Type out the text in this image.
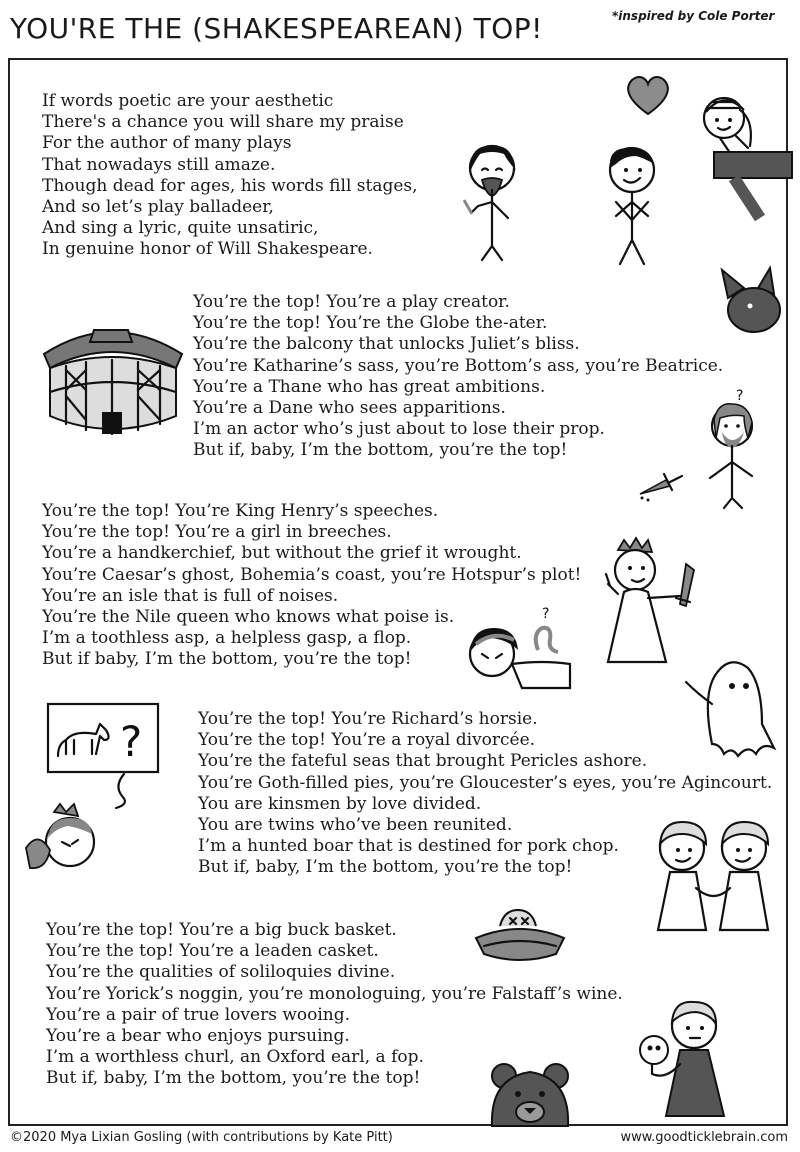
YOU'RE THE (SHAKESPEAREAN) TOP!	*inspired by Cole Porter
If words poetic are your aesthetic
There's a chance you will share my praise
For the author of many plays
That nowadays still amaze.
Though dead for ages, his words fill stages,
And so let’s play balladeer,
And sing a lyric, quite unsatiric,
In genuine honor of Will Shakespeare.
You’re the top! You’re a play creator.
You’re the top! You’re the Globe the-ater.
You’re the balcony that unlocks Juliet’s bliss.
You’re Katharine’s sass, you’re Bottom’s ass, you’re Beatrice.
You’re a Thane who has great ambitions.
You’re a Dane who sees apparitions.
I’m an actor who’s just about to lose their prop.
But if, baby, I’m the bottom, you’re the top!
You’re the top! You’re King Henry’s speeches.
You’re the top! You’re a girl in breeches.
You’re a handkerchief, but without the grief it wrought.
You’re Caesar’s ghost, Bohemia’s coast, you’re Hotspur’s plot!
You’re an isle that is full of noises.
You’re the Nile queen who knows what poise is.
I’m a toothless asp, a helpless gasp, a flop.
But if baby, I’m the bottom, you’re the top!
You’re the top! You’re Richard’s horsie.
You’re the top! You’re a royal divorcée.
You’re the fateful seas that brought Pericles ashore.
You’re Goth-filled pies, you’re Gloucester’s eyes, you’re Agincourt.
You are kinsmen by love divided.
You are twins who’ve been reunited.
I’m a hunted boar that is destined for pork chop.
But if, baby, I’m the bottom, you’re the top!
You’re the top! You’re a big buck basket.
You’re the top! You’re a leaden casket.
You’re the qualities of soliloquies divine.
You’re Yorick’s noggin, you’re monologuing, you’re Falstaff’s wine.
You’re a pair of true lovers wooing.
You’re a bear who enjoys pursuing.
I’m a worthless churl, an Oxford earl, a fop.
But if, baby, I’m the bottom, you’re the top!
?
?
?
©2020 Mya Lixian Gosling (with contributions by Kate Pitt)	www.goodticklebrain.com
